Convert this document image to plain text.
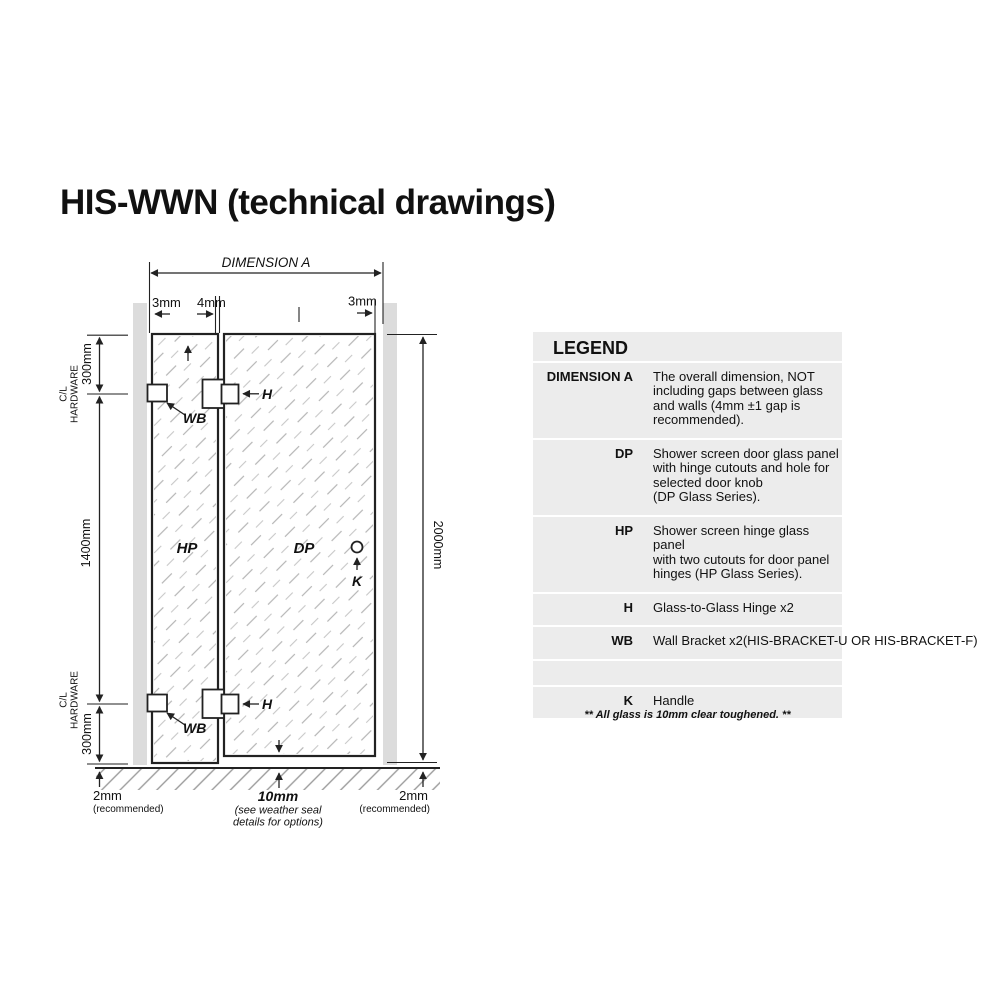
HIS-WWN (technical drawings)
DIMENSION A
3mm 4mm	3mm
300mm
1400mm
300mm
C/L HARDWARE
C/L HARDWARE
2000mm
HP	DP
H
H
WB
WB
K
2mm
(recommended)
10mm
(see weather seal
details for options)
2mm
(recommended)
LEGEND
DIMENSION A The overall dimension, NOT
including gaps between glass
and walls (4mm ±1 gap is
recommended).
DP Shower screen door glass panel
with hinge cutouts and hole for
selected door knob
(DP Glass Series).
HP Shower screen hinge glass panel
with two cutouts for door panel
hinges (HP Glass Series).
H Glass-to-Glass Hinge x2
WB Wall Bracket x2(HIS-BRACKET-U OR HIS-BRACKET-F)
K Handle
** All glass is 10mm clear toughened. **
